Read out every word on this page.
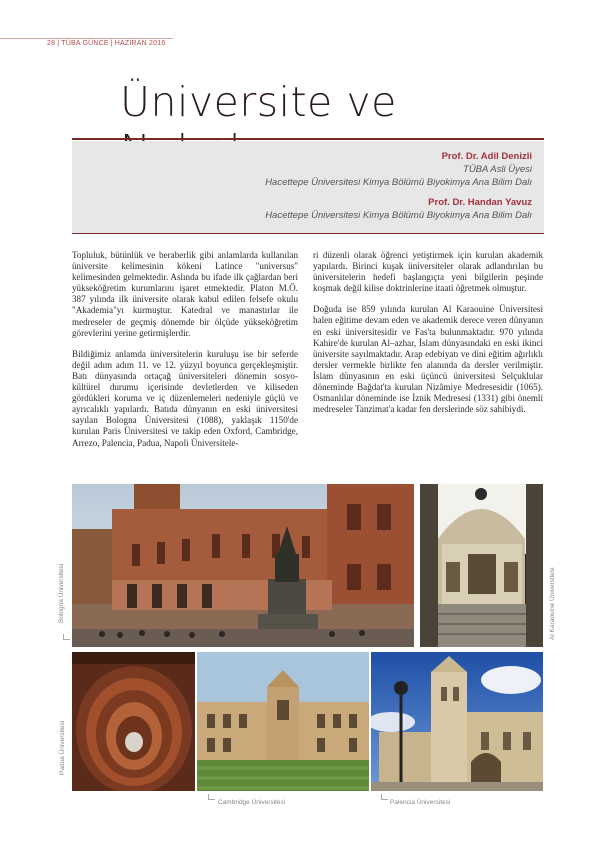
28 | TÜBA GÜNCE | HAZİRAN 2016
Üniversite ve
Prof. Dr. Adil Denizli
TÜBA Asli Üyesi
Hacettepe Üniversitesi Kimya Bölümü Biyokimya Ana Bilim Dalı
Prof. Dr. Handan Yavuz
Hacettepe Üniversitesi Kimya Bölümü Biyokimya Ana Bilim Dalı

Topluluk, bütünlük ve beraberlik gibi anlamlarda kullanılan üniversite kelimesinin kökeni Latince "universus" kelimesinden gelmektedir. Aslında bu ifade ilk çağlardan beri yükseköğretim kurumlarını işaret etmektedir. Platon M.Ö. 387 yılında ilk üniversite olarak kabul edilen felsefe okulu "Akademia"yı kurmuştur. Katedral ve manastırlar ile medreseler de geçmiş dönemde bir ölçüde yükseköğretim görevlerini yerine getirmişlerdir.

Bildiğimiz anlamda üniversitelerin kuruluşu ise bir seferde değil adım adım 11. ve 12. yüzyıl boyunca gerçekleşmiştir. Batı dünyasında ortaçağ üniversiteleri dönemin sosyo-kültürel durumu içerisinde devletlerden ve kiliseden gördükleri koruma ve iç düzenlemeleri nedeniyle güçlü ve ayrıcalıklı yapılardı. Batıda dünyanın en eski üniversitesi sayılan Bologna Üniversitesi (1088), yaklaşık 1150'de kurulan Paris Üniversitesi ve takip eden Oxford, Cambridge, Arrezo, Palencia, Padua, Napoli Üniversitele-

ri düzenli olarak öğrenci yetiştirmek için kurulan akademik yapılardı. Birinci kuşak üniversiteler olarak adlandırılan bu üniversitelerin hedefi başlangıçta yeni bilgilerin peşinde koşmak değil kilise doktrinlerine itaati öğretmek olmuştur.

Doğuda ise 859 yılında kurulan Al Karaouine Üniversitesi halen eğitime devam eden ve akademik derece veren dünyanın en eski üniversitesidir ve Fas'ta bulunmaktadır. 970 yılında Kahire'de kurulan Al–azhar, İslam dünyasındaki en eski ikinci üniversite sayılmaktadır. Arap edebiyatı ve dini eğitim ağırlıklı dersler vermekle birlikte fen alanında da dersler verilmiştir. İslam dünyasının en eski üçüncü üniversitesi Selçuklular döneminde Bağdat'ta kurulan Nizâmiye Medresesidir (1065). Osmanlılar döneminde ise İznik Medresesi (1331) gibi önemli medreseler Tanzimat'a kadar fen derslerinde söz sahibiydi.

Bologna Üniversitesi	Al Karaouine Üniversitesi
Padua Üniversitesi
Cambridge Üniversitesi	Palencia Üniversitesi
